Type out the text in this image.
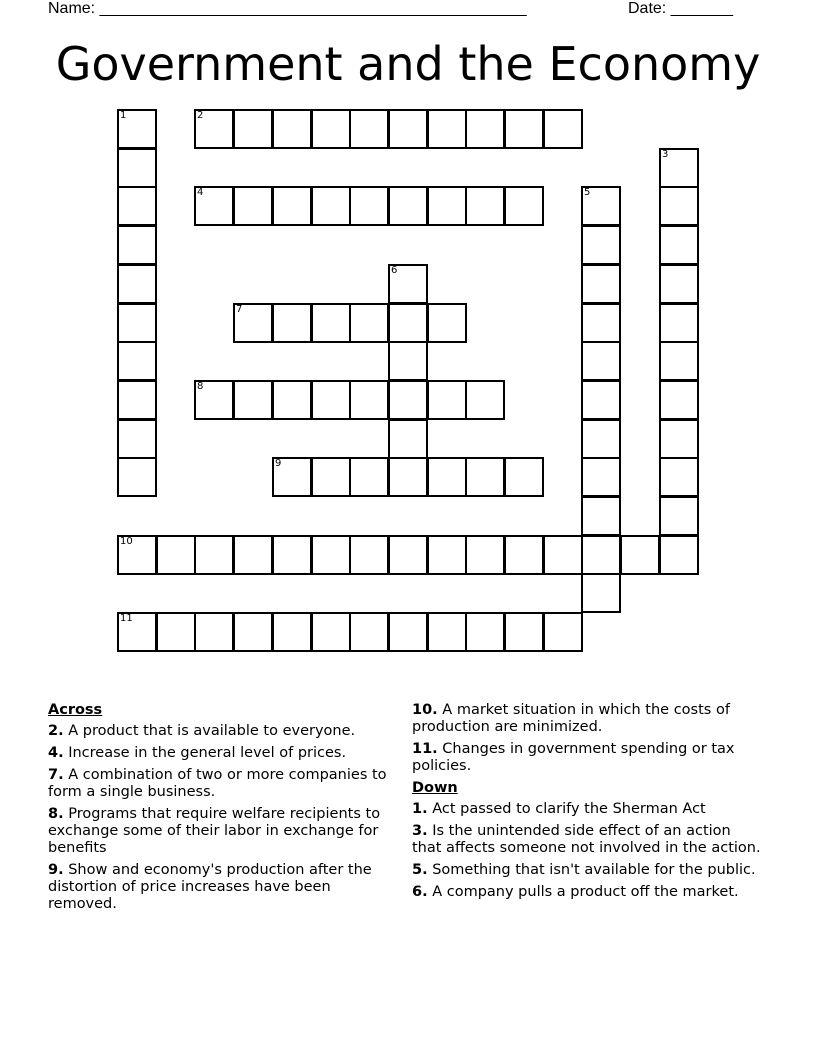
Name: ________________________________________________	Date: _______
Government and the Economy
1	2
3
4	5
6
7
8
9
10
11
Across
2. A product that is available to everyone.
4. Increase in the general level of prices.
7. A combination of two or more companies to form a single business.
8. Programs that require welfare recipients to exchange some of their labor in exchange for benefits
9. Show and economy's production after the distortion of price increases have been removed.
10. A market situation in which the costs of production are minimized.
11. Changes in government spending or tax policies.
Down
1. Act passed to clarify the Sherman Act
3. Is the unintended side effect of an action that affects someone not involved in the action.
5. Something that isn't available for the public.
6. A company pulls a product off the market.
